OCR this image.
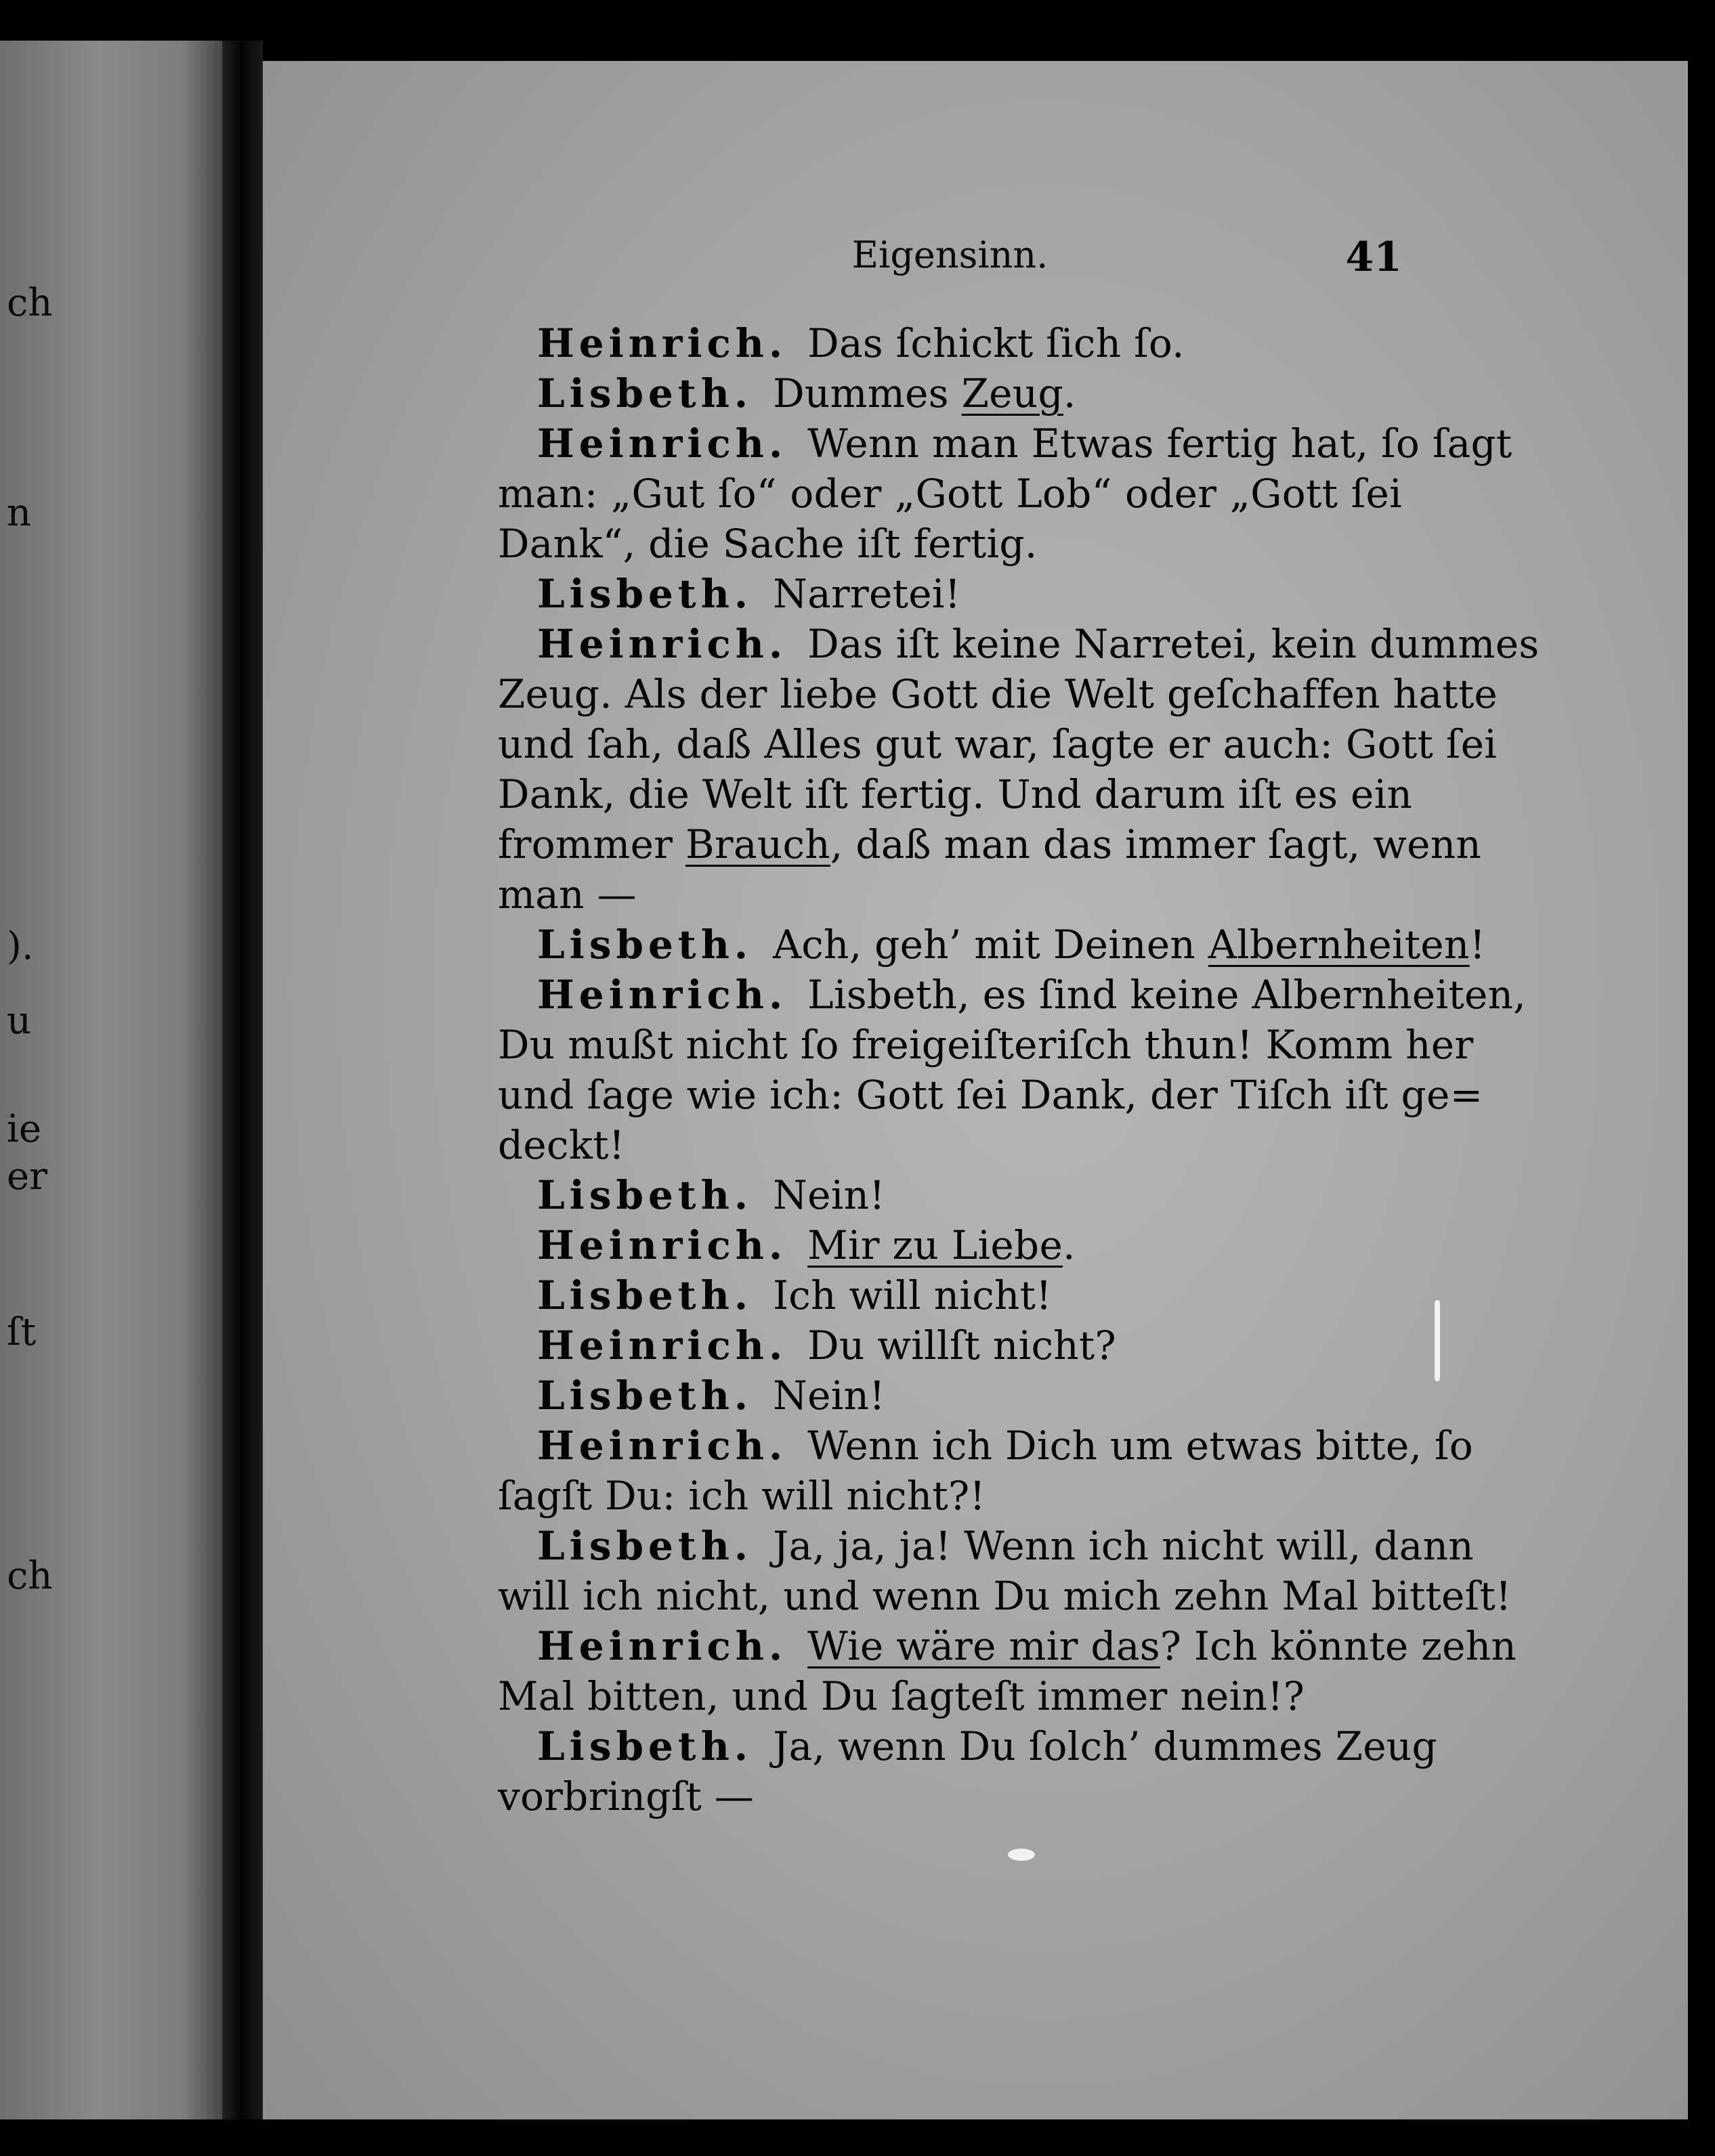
ch
n
).
u
ie
er
ſt
ch
Eigensinn.	41
Heinrich. Das ſchickt ſich ſo.
Lisbeth. Dummes Zeug.
Heinrich. Wenn man Etwas fertig hat, ſo ſagt
man: „Gut ſo“ oder „Gott Lob“ oder „Gott ſei
Dank“, die Sache iſt fertig.
Lisbeth. Narretei!
Heinrich. Das iſt keine Narretei, kein dummes
Zeug. Als der liebe Gott die Welt geſchaffen hatte
und ſah, daß Alles gut war, ſagte er auch: Gott ſei
Dank, die Welt iſt fertig. Und darum iſt es ein
frommer Brauch, daß man das immer ſagt, wenn
man —
Lisbeth. Ach, geh’ mit Deinen Albernheiten!
Heinrich. Lisbeth, es ſind keine Albernheiten,
Du mußt nicht ſo freigeiſteriſch thun! Komm her
und ſage wie ich: Gott ſei Dank, der Tiſch iſt ge=
deckt!
Lisbeth. Nein!
Heinrich. Mir zu Liebe.
Lisbeth. Ich will nicht!
Heinrich. Du willſt nicht?
Lisbeth. Nein!
Heinrich. Wenn ich Dich um etwas bitte, ſo
ſagſt Du: ich will nicht?!
Lisbeth. Ja, ja, ja! Wenn ich nicht will, dann
will ich nicht, und wenn Du mich zehn Mal bitteſt!
Heinrich. Wie wäre mir das? Ich könnte zehn
Mal bitten, und Du ſagteſt immer nein!?
Lisbeth. Ja, wenn Du ſolch’ dummes Zeug
vorbringſt —
